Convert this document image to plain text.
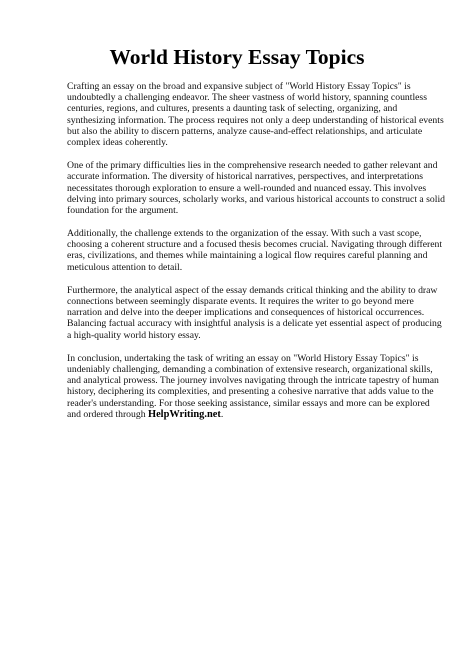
World History Essay Topics

Crafting an essay on the broad and expansive subject of "World History Essay Topics" is
undoubtedly a challenging endeavor. The sheer vastness of world history, spanning countless
centuries, regions, and cultures, presents a daunting task of selecting, organizing, and
synthesizing information. The process requires not only a deep understanding of historical events
but also the ability to discern patterns, analyze cause-and-effect relationships, and articulate
complex ideas coherently.

One of the primary difficulties lies in the comprehensive research needed to gather relevant and
accurate information. The diversity of historical narratives, perspectives, and interpretations
necessitates thorough exploration to ensure a well-rounded and nuanced essay. This involves
delving into primary sources, scholarly works, and various historical accounts to construct a solid
foundation for the argument.

Additionally, the challenge extends to the organization of the essay. With such a vast scope,
choosing a coherent structure and a focused thesis becomes crucial. Navigating through different
eras, civilizations, and themes while maintaining a logical flow requires careful planning and
meticulous attention to detail.

Furthermore, the analytical aspect of the essay demands critical thinking and the ability to draw
connections between seemingly disparate events. It requires the writer to go beyond mere
narration and delve into the deeper implications and consequences of historical occurrences.
Balancing factual accuracy with insightful analysis is a delicate yet essential aspect of producing
a high-quality world history essay.

In conclusion, undertaking the task of writing an essay on "World History Essay Topics" is
undeniably challenging, demanding a combination of extensive research, organizational skills,
and analytical prowess. The journey involves navigating through the intricate tapestry of human
history, deciphering its complexities, and presenting a cohesive narrative that adds value to the
reader's understanding. For those seeking assistance, similar essays and more can be explored
and ordered through HelpWriting.net.
